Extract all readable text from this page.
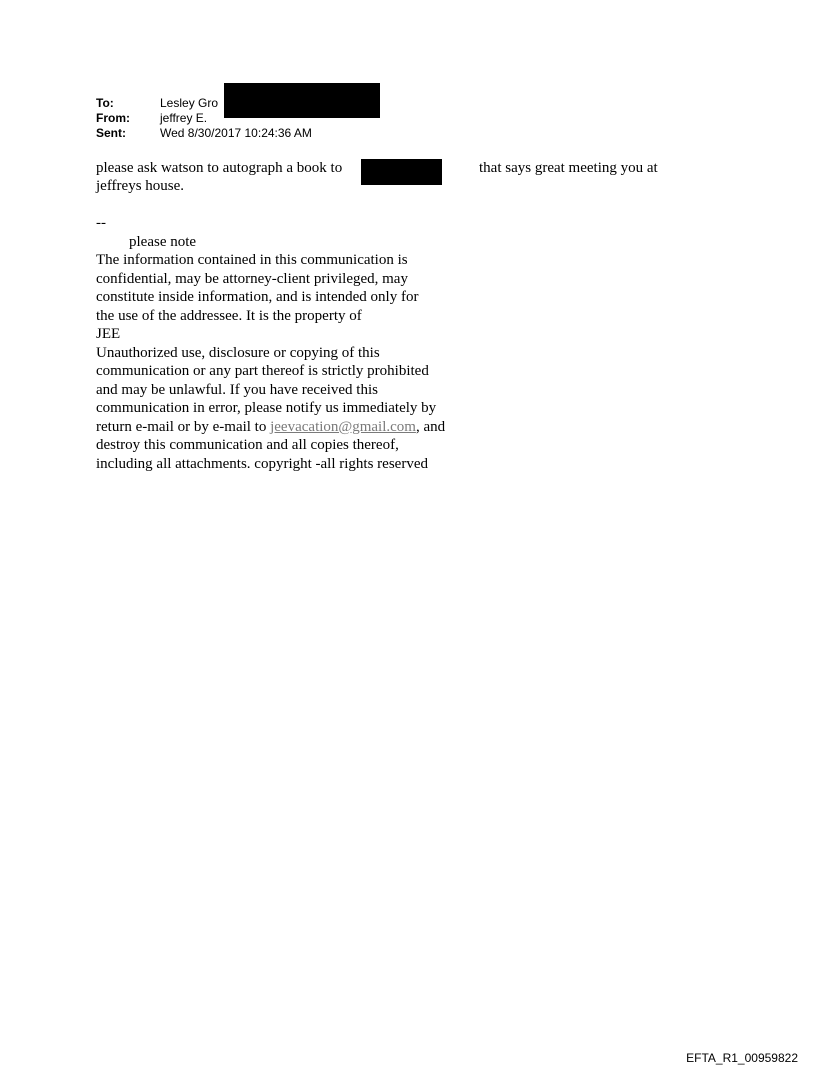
To:	Lesley Gro
From:	jeffrey E.
Sent:	Wed 8/30/2017 10:24:36 AM
please ask watson to autograph a book to	that says great meeting you at
jeffreys house.
--
please note
The information contained in this communication is
confidential, may be attorney-client privileged, may
constitute inside information, and is intended only for
the use of the addressee. It is the property of
JEE
Unauthorized use, disclosure or copying of this
communication or any part thereof is strictly prohibited
and may be unlawful. If you have received this
communication in error, please notify us immediately by
return e-mail or by e-mail to jeevacation@gmail.com, and
destroy this communication and all copies thereof,
including all attachments. copyright -all rights reserved
EFTA_R1_00959822
